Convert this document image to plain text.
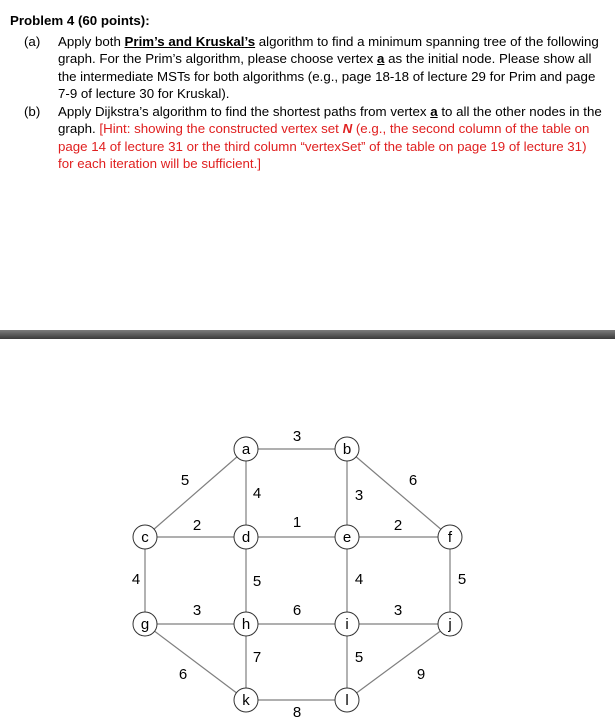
Problem 4 (60 points):
(a) Apply both Prim’s and Kruskal’s algorithm to find a minimum spanning tree of the following graph. For the Prim’s algorithm, please choose vertex a as the initial node. Please show all the intermediate MSTs for both algorithms (e.g., page 18-18 of lecture 29 for Prim and page 7-9 of lecture 30 for Kruskal).
(b) Apply Dijkstra’s algorithm to find the shortest paths from vertex a to all the other nodes in the graph. [Hint: showing the constructed vertex set N (e.g., the second column of the table on page 14 of lecture 31 or the third column “vertexSet” of the table on page 19 of lecture 31) for each iteration will be sufficient.]
3
5
4	3
6
2	1	2
4	5	4	5
3	6	3
6
7	5
9
8
a	b
c	d	e	f
g	h	i	j
k	l
